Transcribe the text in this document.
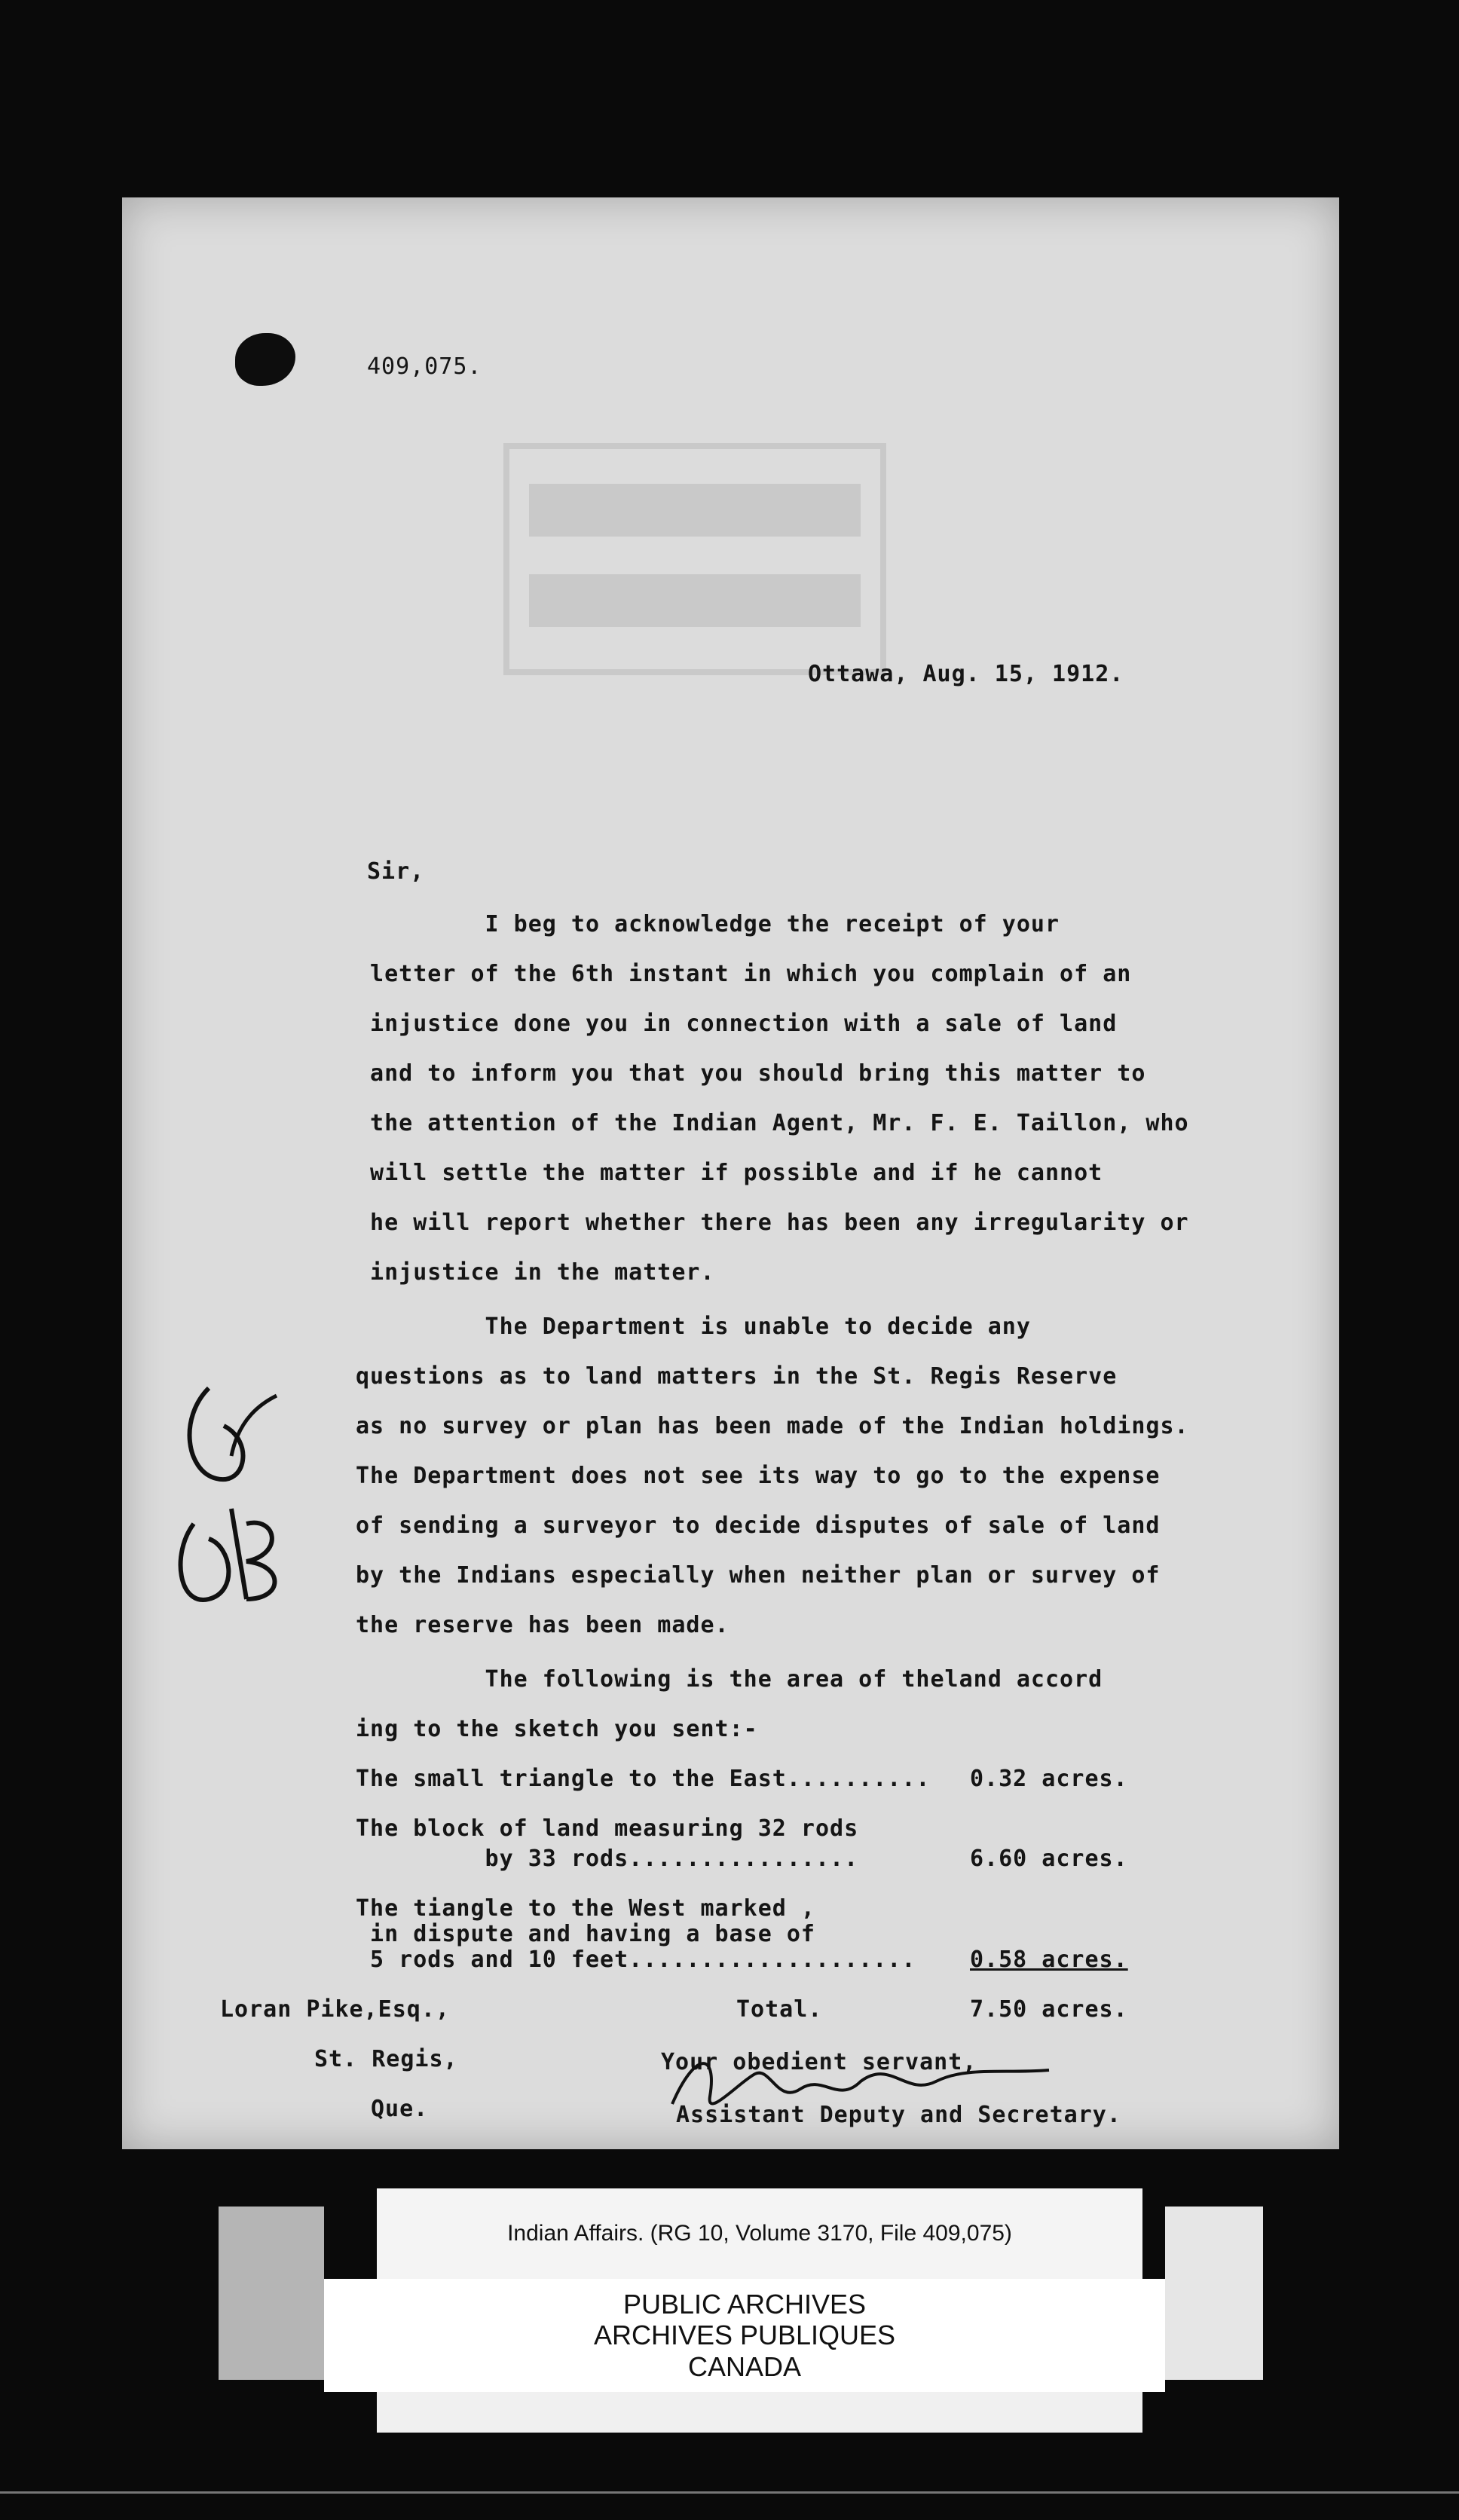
409,075.
Ottawa, Aug. 15, 1912.
Sir,
I beg to acknowledge the receipt of your
letter of the 6th instant in which you complain of an
injustice done you in connection with a sale of land
and to inform you that you should bring this matter to
the attention of the Indian Agent, Mr. F. E. Taillon, who
will settle the matter if possible and if he cannot
he will report whether there has been any irregularity or
injustice in the matter.
The Department is unable to decide any
questions as to land matters in the St. Regis Reserve
as no survey or plan has been made of the Indian holdings.
The Department does not see its way to go to the expense
of sending a surveyor to decide disputes of sale of land
by the Indians especially when neither plan or survey of
the reserve has been made.
The following is the area of theland accord
ing to the sketch you sent:-
The small triangle to the East.......... 0.32 acres.
The block of land measuring 32 rods
by 33 rods................	6.60 acres.
The tiangle to the West marked ,
in dispute and having a base of
5 rods and 10 feet.................... 0.58 acres.
Total.	7.50 acres.
Loran Pike,Esq.,
St. Regis,
Que.
Your obedient servant,
Assistant Deputy and Secretary.
Indian Affairs. (RG 10, Volume 3170, File 409,075)
PUBLIC ARCHIVES
ARCHIVES PUBLIQUES
CANADA
